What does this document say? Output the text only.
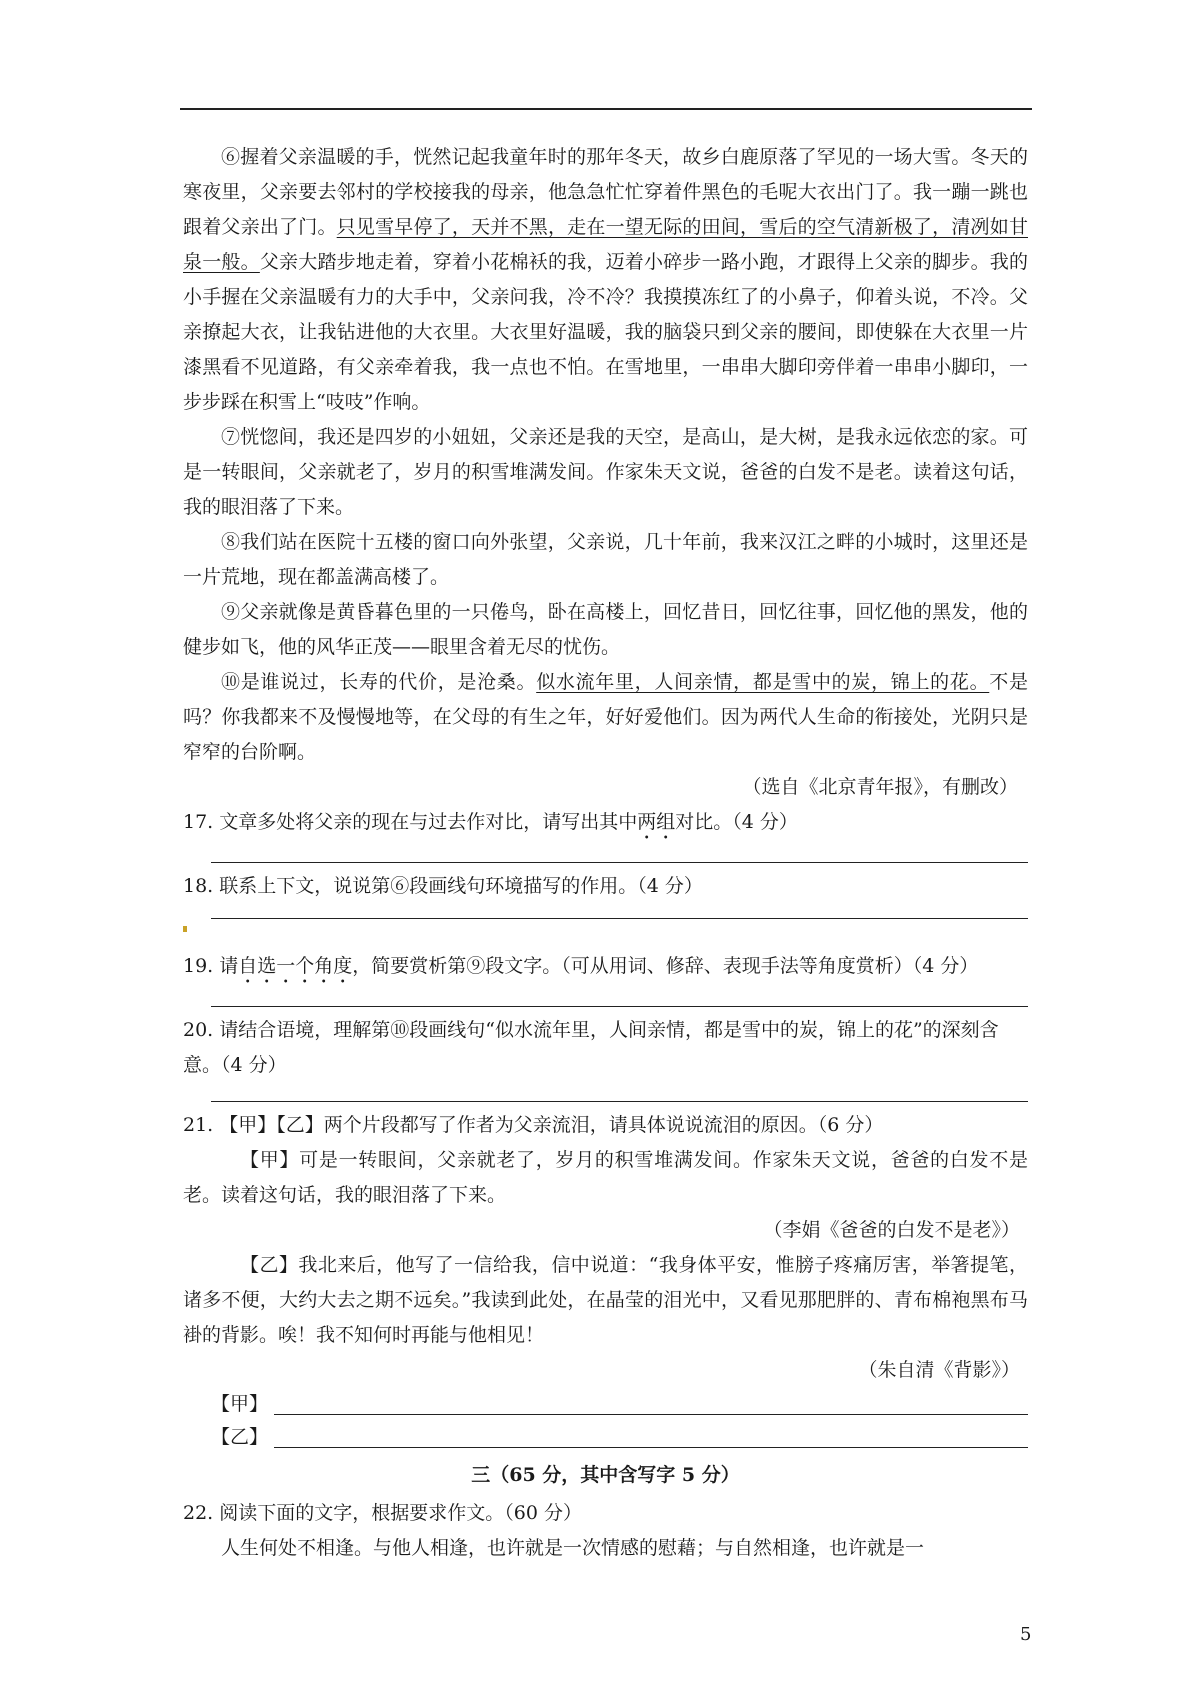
⑥握着父亲温暖的手，恍然记起我童年时的那年冬天，故乡白鹿原落了罕见的一场大雪。冬天的寒夜里，父亲要去邻村的学校接我的母亲，他急急忙忙穿着件黑色的毛呢大衣出门了。我一蹦一跳也跟着父亲出了门。只见雪早停了，天并不黑，走在一望无际的田间，雪后的空气清新极了，清冽如甘泉一般。父亲大踏步地走着，穿着小花棉袄的我，迈着小碎步一路小跑，才跟得上父亲的脚步。我的小手握在父亲温暖有力的大手中，父亲问我，冷不冷？我摸摸冻红了的小鼻子，仰着头说，不冷。父亲撩起大衣，让我钻进他的大衣里。大衣里好温暖，我的脑袋只到父亲的腰间，即使躲在大衣里一片漆黑看不见道路，有父亲牵着我，我一点也不怕。在雪地里，一串串大脚印旁伴着一串串小脚印，一步步踩在积雪上“吱吱”作响。

⑦恍惚间，我还是四岁的小妞妞，父亲还是我的天空，是高山，是大树，是我永远依恋的家。可是一转眼间，父亲就老了，岁月的积雪堆满发间。作家朱天文说，爸爸的白发不是老。读着这句话，我的眼泪落了下来。

⑧我们站在医院十五楼的窗口向外张望，父亲说，几十年前，我来汉江之畔的小城时，这里还是一片荒地，现在都盖满高楼了。

⑨父亲就像是黄昏暮色里的一只倦鸟，卧在高楼上，回忆昔日，回忆往事，回忆他的黑发，他的健步如飞，他的风华正茂——眼里含着无尽的忧伤。

⑩是谁说过，长寿的代价，是沧桑。似水流年里，人间亲情，都是雪中的炭，锦上的花。不是吗？你我都来不及慢慢地等，在父母的有生之年，好好爱他们。因为两代人生命的衔接处，光阴只是窄窄的台阶啊。

（选自《北京青年报》，有删改）

17. 文章多处将父亲的现在与过去作对比，请写出其中两组对比。（4 分）

18. 联系上下文，说说第⑥段画线句环境描写的作用。（4 分）

19. 请自选一个角度，简要赏析第⑨段文字。（可从用词、修辞、表现手法等角度赏析）（4 分）

20. 请结合语境，理解第⑩段画线句“似水流年里，人间亲情，都是雪中的炭，锦上的花”的深刻含意。（4 分）

21. 【甲】【乙】两个片段都写了作者为父亲流泪，请具体说说流泪的原因。（6 分）

【甲】可是一转眼间，父亲就老了，岁月的积雪堆满发间。作家朱天文说，爸爸的白发不是老。读着这句话，我的眼泪落了下来。

（李娟《爸爸的白发不是老》）

【乙】我北来后，他写了一信给我，信中说道：“我身体平安，惟膀子疼痛厉害，举箸提笔，诸多不便，大约大去之期不远矣。”我读到此处，在晶莹的泪光中，又看见那肥胖的、青布棉袍黑布马褂的背影。唉！我不知何时再能与他相见！

（朱自清《背影》）

【甲】
【乙】

三（65 分，其中含写字 5 分）

22. 阅读下面的文字，根据要求作文。（60 分）

人生何处不相逢。与他人相逢，也许就是一次情感的慰藉；与自然相逢，也许就是一

5
